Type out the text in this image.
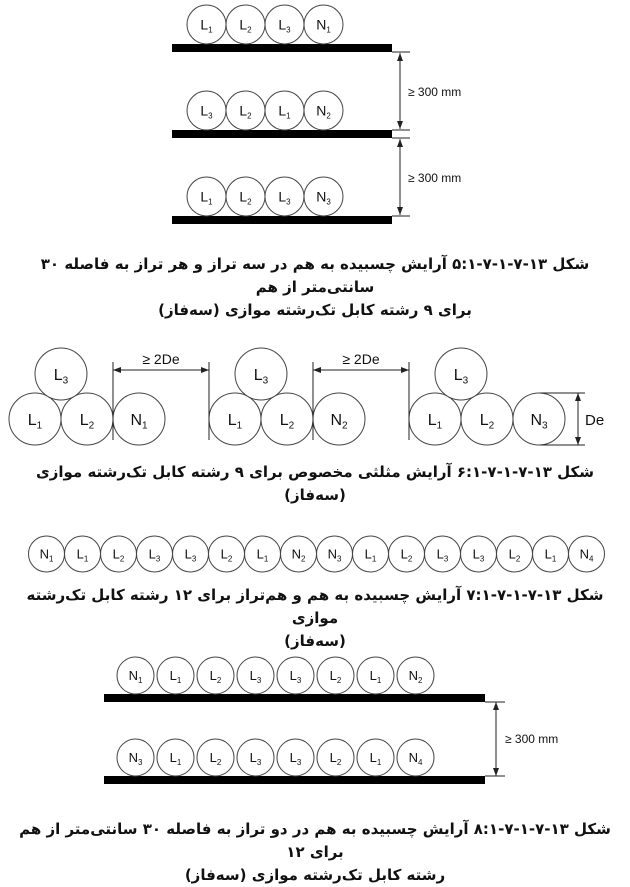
$L_1$ $L_2$ $L_3$ $N_1$
$L_3$ $L_2$ $L_1$ $N_2$
$L_1$ $L_2$ $L_3$ $N_3$
≥ 300 mm
≥ 300 mm
$L_1$ $L_2$ $N_1$
$L_3$
$L_1$ $L_2$ $N_2$
$L_3$
$L_1$ $L_2$ $N_3$
$L_3$
≥ 2De	≥ 2De
De
$N_1$ $L_1$ $L_2$ $L_3$ $L_3$ $L_2$ $L_1$ $N_2$ $N_3$ $L_1$ $L_2$ $L_3$ $L_3$ $L_2$ $L_1$ $N_4$
$N_1$ $L_1$ $L_2$ $L_3$ $L_3$ $L_2$ $L_1$ $N_2$
$N_3$ $L_1$ $L_2$ $L_3$ $L_3$ $L_2$ $L_1$ $N_4$
≥ 300 mm
شکل ۱۳-۷-۱-۷-۵:۱ آرایش چسبیده به هم در سه تراز و هر تراز به فاصله ۳۰ سانتی‌متر از هم
برای ۹ رشته کابل تک‌رشته موازی (سه‌فاز)
شکل ۱۳-۷-۱-۷-۶:۱ آرایش مثلثی مخصوص برای ۹ رشته کابل تک‌رشته موازی (سه‌فاز)
شکل ۱۳-۷-۱-۷-۷:۱ آرایش چسبیده به هم و هم‌تراز برای ۱۲ رشته کابل تک‌رشته موازی
(سه‌فاز)
شکل ۱۳-۷-۱-۷-۸:۱ آرایش چسبیده به هم در دو تراز به فاصله ۳۰ سانتی‌متر از هم برای ۱۲
رشته کابل تک‌رشته موازی (سه‌فاز)
